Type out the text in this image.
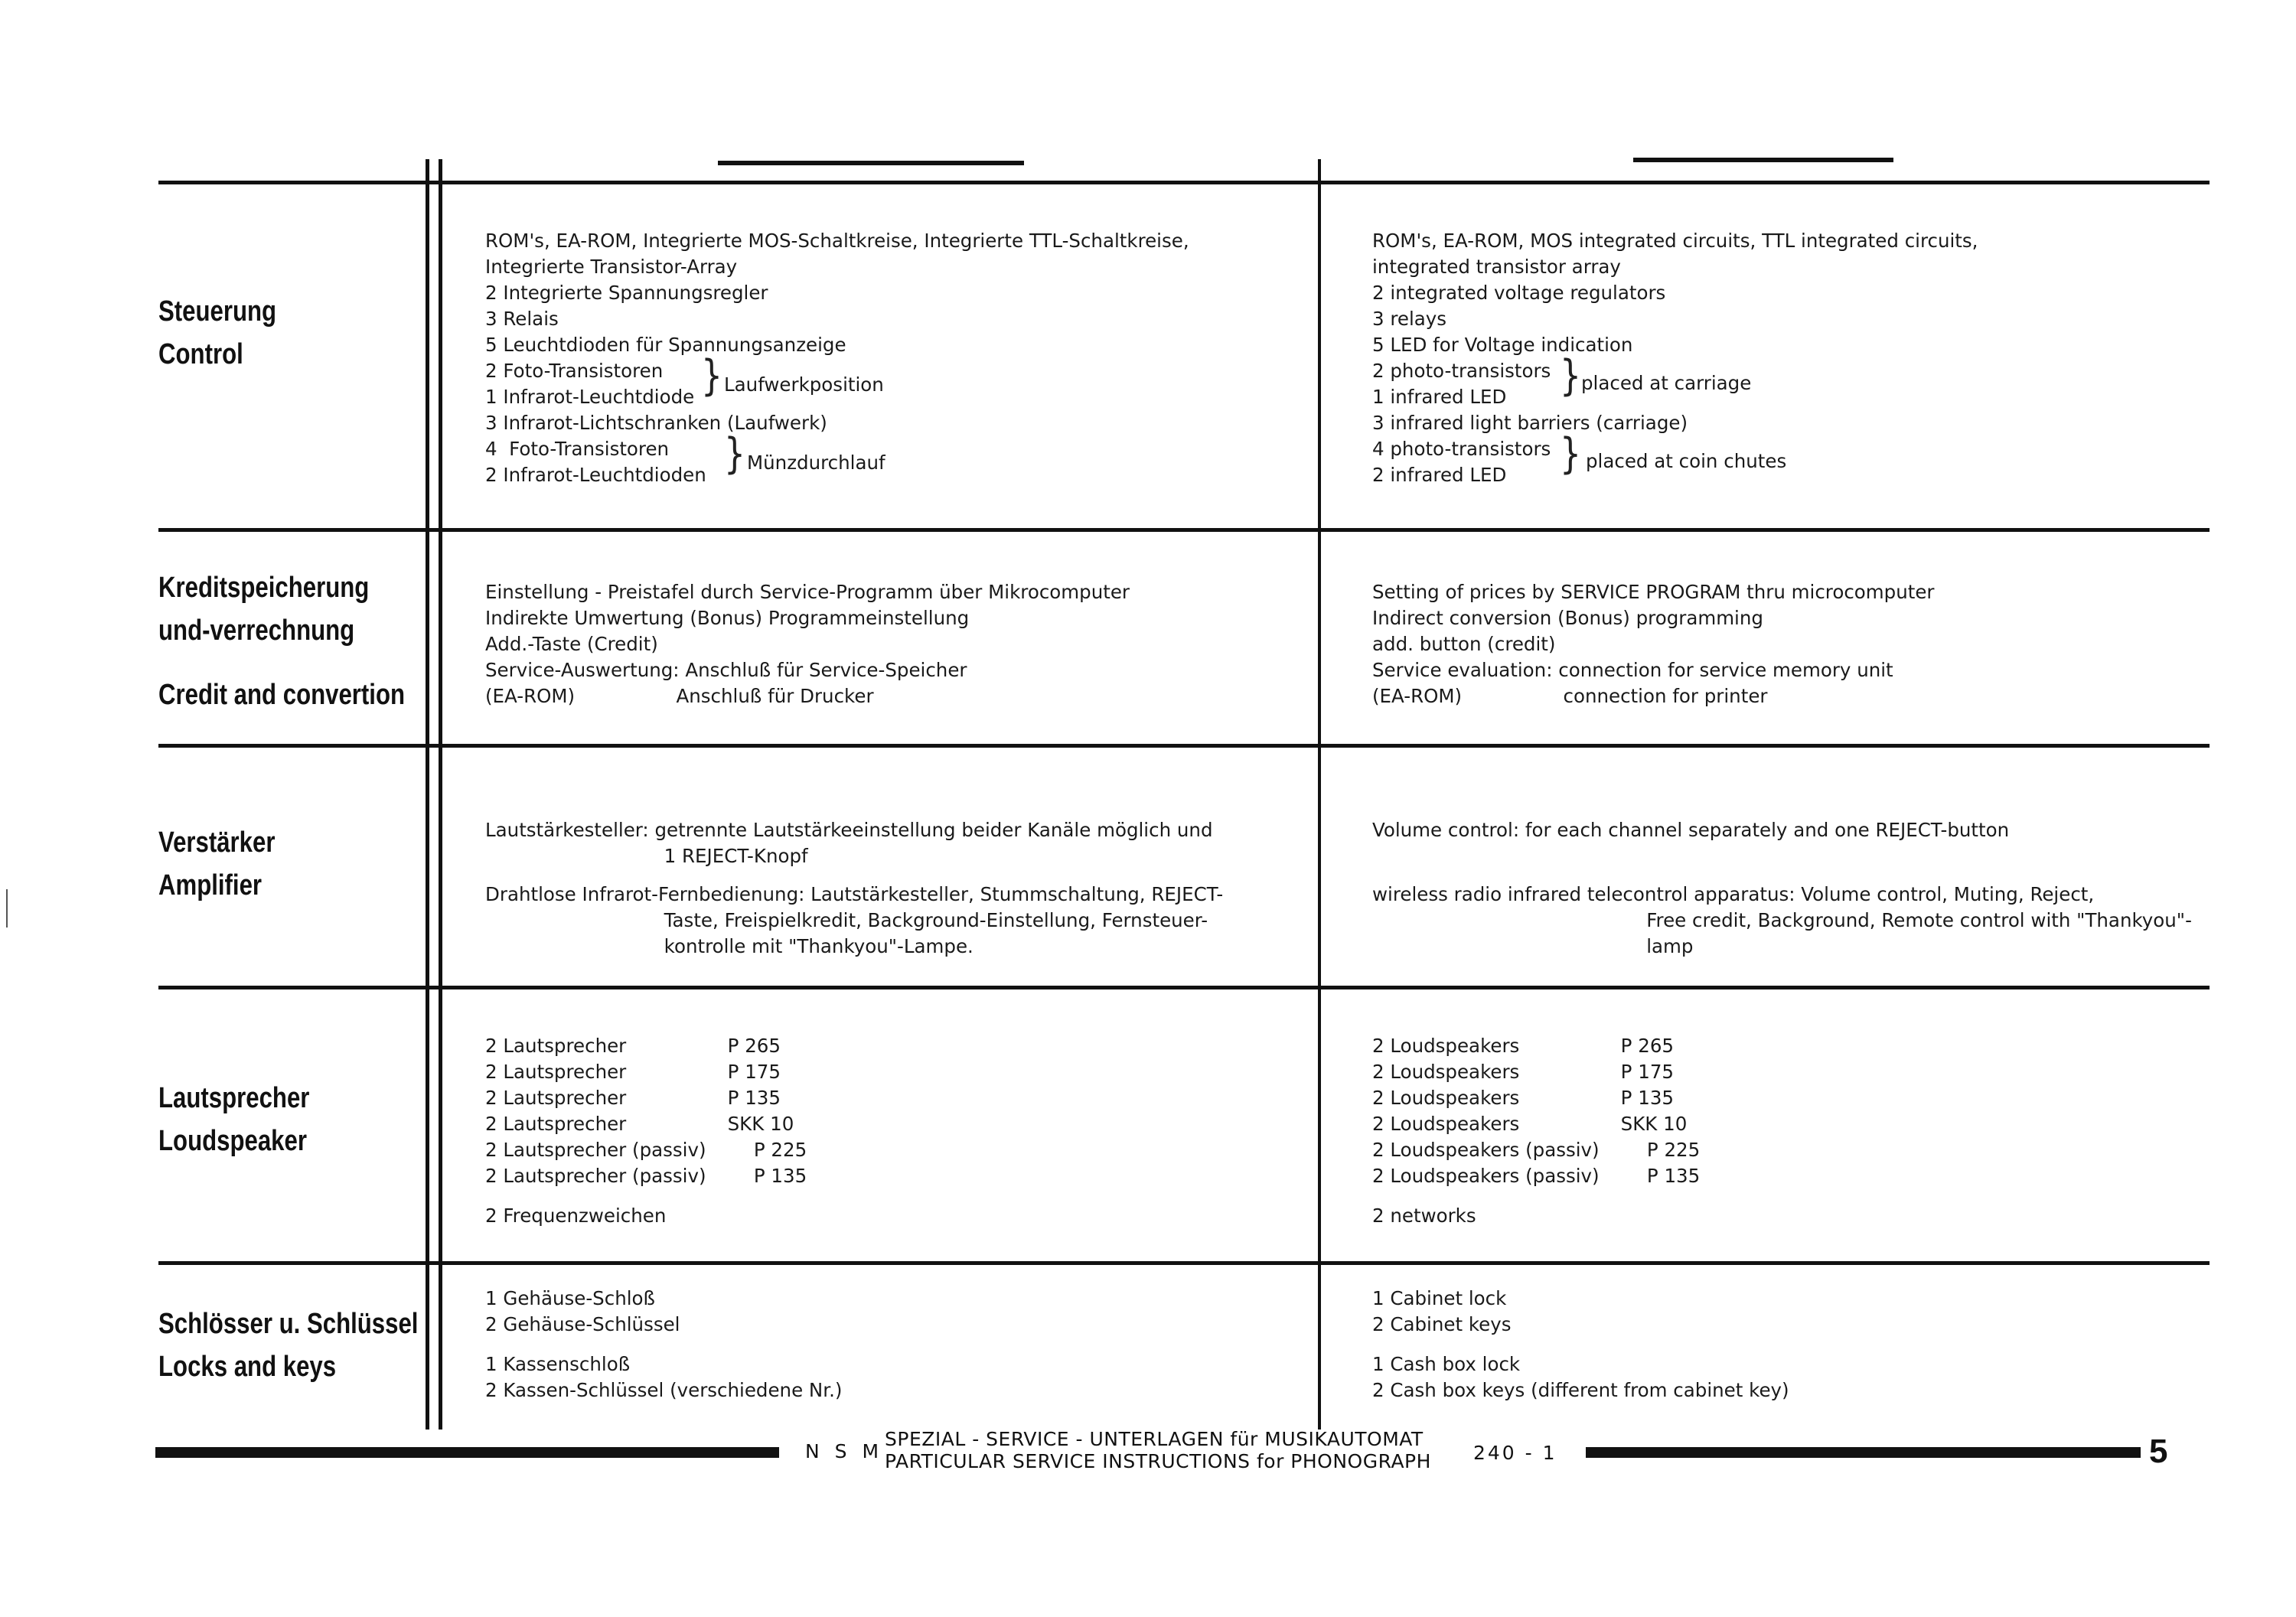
Steuerung
Control
ROM's, EA-ROM, Integrierte MOS-Schaltkreise, Integrierte TTL-Schaltkreise,
Integrierte Transistor-Array
2 Integrierte Spannungsregler
3 Relais
5 Leuchtdioden für Spannungsanzeige
2 Foto-Transistoren
1 Infrarot-Leuchtdiode
3 Infrarot-Lichtschranken (Laufwerk)
4  Foto-Transistoren
2 Infrarot-Leuchtdioden
} Laufwerkposition
} Münzdurchlauf
ROM's, EA-ROM, MOS integrated circuits, TTL integrated circuits,
integrated transistor array
2 integrated voltage regulators
3 relays
5 LED for Voltage indication
2 photo-transistors
1 infrared LED
3 infrared light barriers (carriage)
4 photo-transistors
2 infrared LED
} placed at carriage
} placed at coin chutes
Kreditspeicherung
und-verrechnung
Credit and convertion
Einstellung - Preistafel durch Service-Programm über Mikrocomputer
Indirekte Umwertung (Bonus) Programmeinstellung
Add.-Taste (Credit)
Service-Auswertung: Anschluß für Service-Speicher
(EA-ROM)                 Anschluß für Drucker
Setting of prices by SERVICE PROGRAM thru microcomputer
Indirect conversion (Bonus) programming
add. button (credit)
Service evaluation: connection for service memory unit
(EA-ROM)                 connection for printer
Verstärker
Amplifier
Lautstärkesteller: getrennte Lautstärkeeinstellung beider Kanäle möglich und
1 REJECT-Knopf
Drahtlose Infrarot-Fernbedienung: Lautstärkesteller, Stummschaltung, REJECT-
Taste, Freispielkredit, Background-Einstellung, Fernsteuer-
kontrolle mit "Thankyou"-Lampe.
Volume control: for each channel separately and one REJECT-button
wireless radio infrared telecontrol apparatus: Volume control, Muting, Reject,
Free credit, Background, Remote control with "Thankyou"-
lamp
Lautsprecher
Loudspeaker
2 Lautsprecher                 P 265
2 Lautsprecher                 P 175
2 Lautsprecher                 P 135
2 Lautsprecher                 SKK 10
2 Lautsprecher (passiv)        P 225
2 Lautsprecher (passiv)        P 135
2 Frequenzweichen
2 Loudspeakers                 P 265
2 Loudspeakers                 P 175
2 Loudspeakers                 P 135
2 Loudspeakers                 SKK 10
2 Loudspeakers (passiv)        P 225
2 Loudspeakers (passiv)        P 135
2 networks
Schlösser u. Schlüssel
Locks and keys
1 Gehäuse-Schloß
2 Gehäuse-Schlüssel
1 Kassenschloß
2 Kassen-Schlüssel (verschiedene Nr.)
1 Cabinet lock
2 Cabinet keys
1 Cash box lock
2 Cash box keys (different from cabinet key)
N S M
SPEZIAL - SERVICE - UNTERLAGEN für MUSIKAUTOMAT
PARTICULAR SERVICE INSTRUCTIONS for PHONOGRAPH 240 - 1	5
